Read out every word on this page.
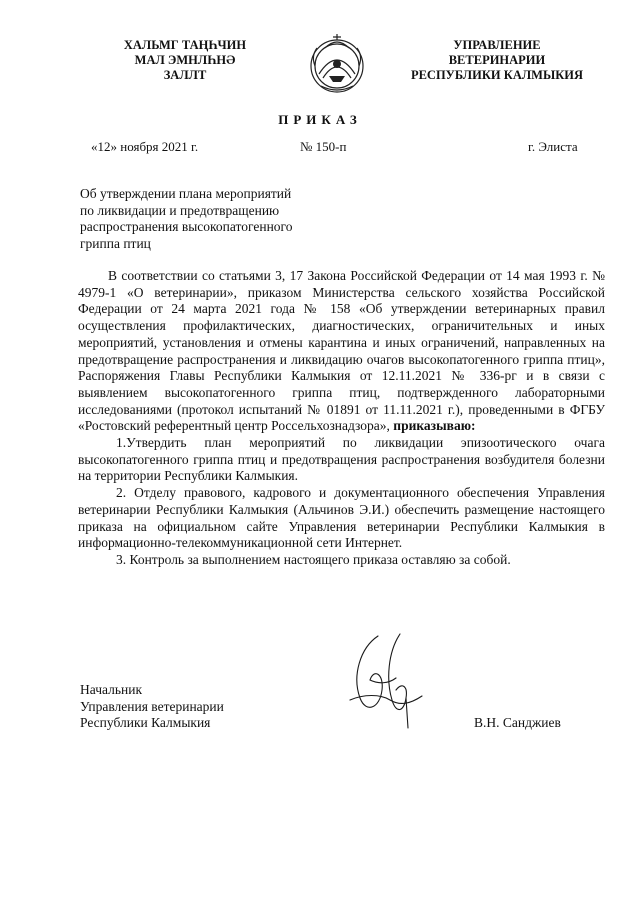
ХАЛЬМГ ТАҢҺЧИН
МАЛ ЭМНЛҺНӘ
ЗАЛЛТ
УПРАВЛЕНИЕ
ВЕТЕРИНАРИИ
РЕСПУБЛИКИ КАЛМЫКИЯ
ПРИКАЗ
«12» ноября 2021 г.	№ 150-п	г. Элиста
Об утверждении плана мероприятий
по ликвидации и предотвращению
распространения высокопатогенного
гриппа птиц

В соответствии со статьями 3, 17 Закона Российской Федерации от 14 мая 1993 г. № 4979-1 «О ветеринарии», приказом Министерства сельского хозяйства Российской Федерации от 24 марта 2021 года № 158 «Об утверждении ветеринарных правил осуществления профилактических, диагностических, ограничительных и иных мероприятий, установления и отмены карантина и иных ограничений, направленных на предотвращение распространения и ликвидацию очагов высокопатогенного гриппа птиц», Распоряжения Главы Республики Калмыкия от 12.11.2021 № 336-рг и в связи с выявлением высокопатогенного гриппа птиц, подтвержденного лабораторными исследованиями (протокол испытаний № 01891 от 11.11.2021 г.), проведенными в ФГБУ «Ростовский референтный центр Россельхознадзора», приказываю:

1.Утвердить план мероприятий по ликвидации эпизоотического очага высокопатогенного гриппа птиц и предотвращения распространения возбудителя болезни на территории Республики Калмыкия.

2. Отделу правового, кадрового и документационного обеспечения Управления ветеринарии Республики Калмыкия (Альчинов Э.И.) обеспечить размещение настоящего приказа на официальном сайте Управления ветеринарии Республики Калмыкия в информационно-телекоммуникационной сети Интернет.

3. Контроль за выполнением настоящего приказа оставляю за собой.

Начальник
Управления ветеринарии
Республики Калмыкия	В.Н. Санджиев
